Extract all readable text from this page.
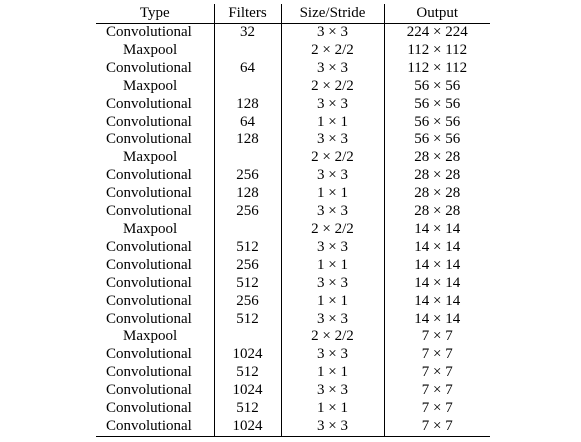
Type	Filters	Size/Stride	Output
Convolutional	32	3 × 3	224 × 224
Maxpool		2 × 2/2	112 × 112
Convolutional	64	3 × 3	112 × 112
Maxpool		2 × 2/2	56 × 56
Convolutional	128	3 × 3	56 × 56
Convolutional	64	1 × 1	56 × 56
Convolutional	128	3 × 3	56 × 56
Maxpool		2 × 2/2	28 × 28
Convolutional	256	3 × 3	28 × 28
Convolutional	128	1 × 1	28 × 28
Convolutional	256	3 × 3	28 × 28
Maxpool		2 × 2/2	14 × 14
Convolutional	512	3 × 3	14 × 14
Convolutional	256	1 × 1	14 × 14
Convolutional	512	3 × 3	14 × 14
Convolutional	256	1 × 1	14 × 14
Convolutional	512	3 × 3	14 × 14
Maxpool		2 × 2/2	7 × 7
Convolutional	1024	3 × 3	7 × 7
Convolutional	512	1 × 1	7 × 7
Convolutional	1024	3 × 3	7 × 7
Convolutional	512	1 × 1	7 × 7
Convolutional	1024	3 × 3	7 × 7
